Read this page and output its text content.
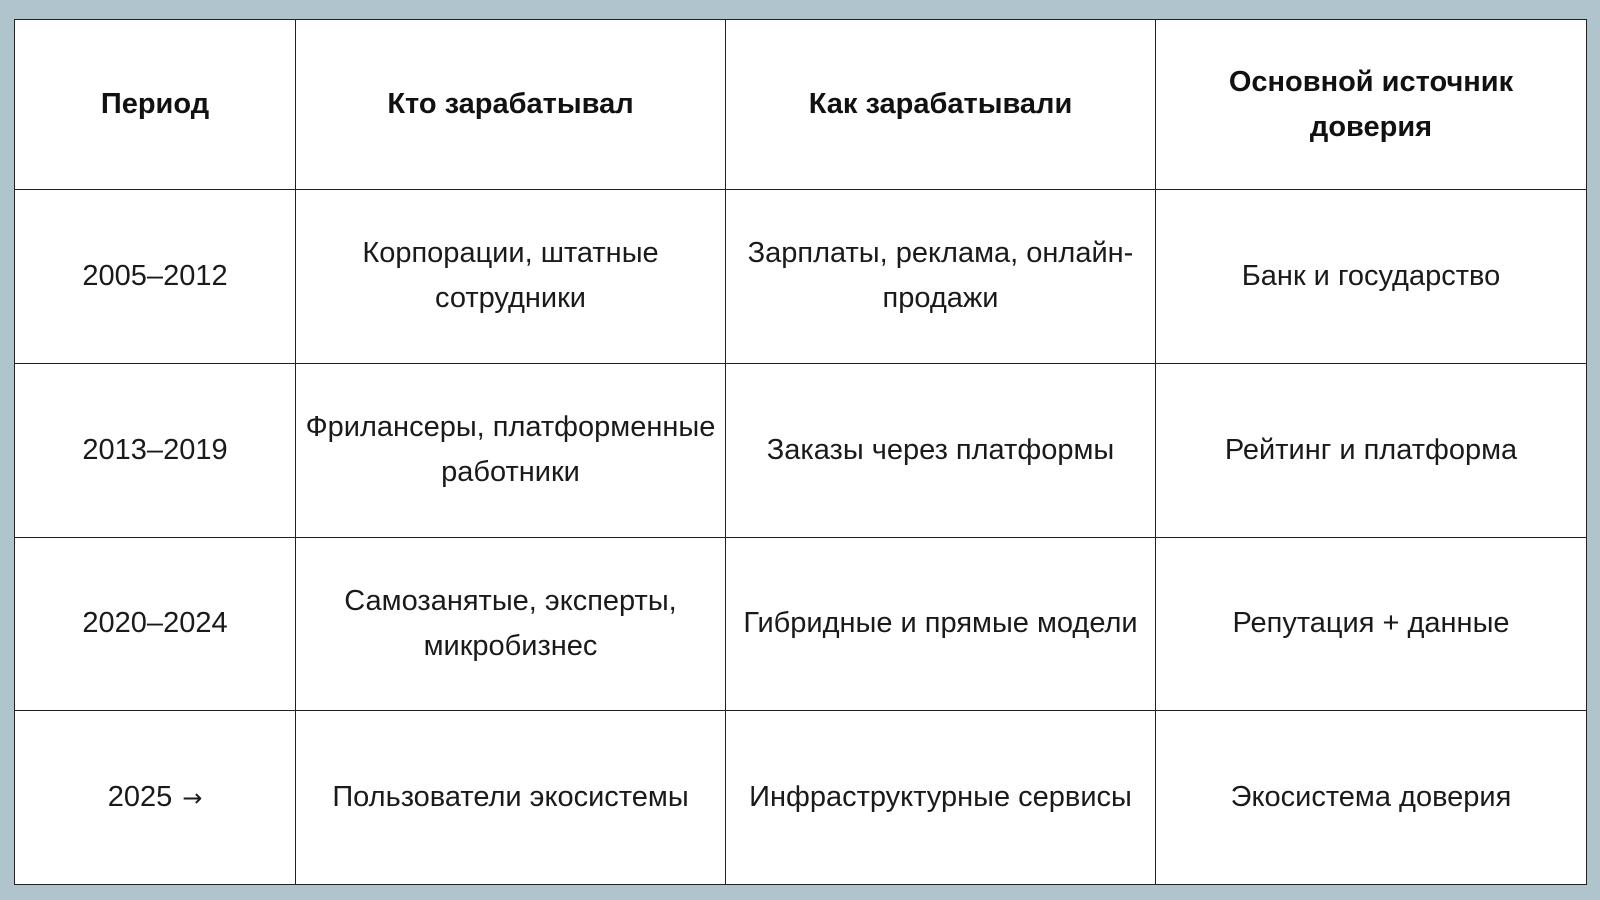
Период	Кто зарабатывал	Как зарабатывали	Основной источник доверия
2005–2012	Корпорации, штатные сотрудники	Зарплаты, реклама, онлайн-продажи	Банк и государство
2013–2019	Фрилансеры, платформенные работники	Заказы через платформы	Рейтинг и платформа
2020–2024	Самозанятые, эксперты, микробизнес	Гибридные и прямые модели	Репутация + данные
2025 →	Пользователи экосистемы	Инфраструктурные сервисы	Экосистема доверия
